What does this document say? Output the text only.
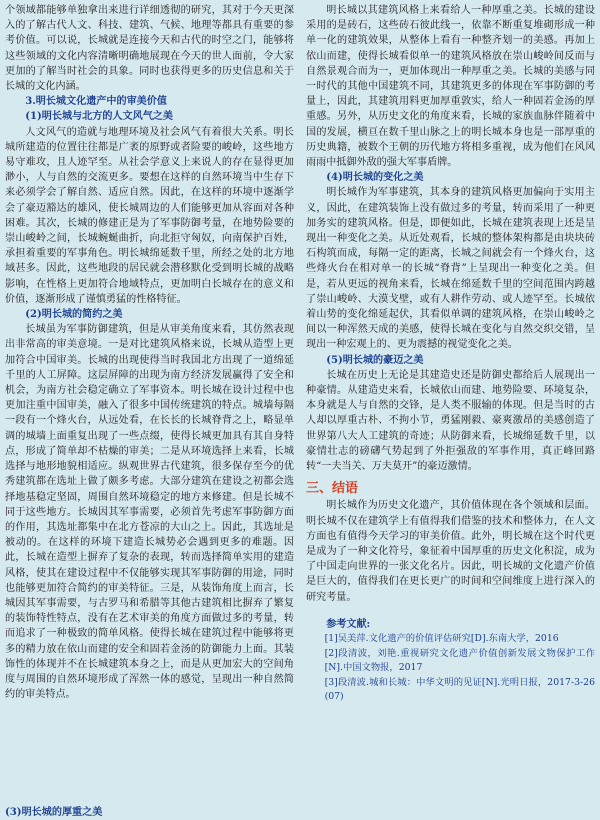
个领域都能够单独拿出来进行详细透彻的研究，其对于今天更深入的了解古代人文、科技、建筑、气候、地理等都具有重要的参考价值。可以说，长城就是连接今天和古代的时空之门，能够将这些领域的文化内容清晰明确地展现在今天的世人面前，令大家更加的了解当时社会的具象。同时也获得更多的历史信息和关于长城的文化内涵。

3.明长城文化遗产中的审美价值

(1)明长城与北方的人文风气之美

人文风气的造就与地理环境及社会风气有着很大关系。明长城所建造的位置往往都是广袤的原野或者险要的峻岭，这些地方易守难攻，且人迹罕至。从社会学意义上来说人的存在显得更加渺小，人与自然的交流更多。要想在这样的自然环境当中生存下来必须学会了解自然、适应自然。因此，在这样的环境中逐渐学会了豪迈豁达的雄风，使长城周边的人们能够更加从容面对各种困难。其次，长城的修建正是为了军事防御考量，在地势险要的崇山峻岭之间，长城蜿蜒曲折，向北拒守匈奴，向南保护百姓，承担着重要的军事角色。明长城绵延数千里，所经之处的北方地域甚多。因此，这些地段的居民就会潜移默化受到明长城的战略影响，在性格上更加符合地域特点，更加明白长城存在的意义和价值，逐渐形成了谨慎勇猛的性格特征。

(2)明长城的简约之美

长城虽为军事防御建筑，但是从审美角度来看，其仿然表现出非常高的审美意境。一是对比建筑风格来说，长城从造型上更加符合中国审美。长城的出现使得当时我国北方出现了一道绵延千里的人工屏障。这层屏障的出现为南方经济发展赢得了安全和机会，为南方社会稳定确立了军事资本。明长城在设计过程中也更加注重中国审美，融入了很多中国传统建筑的特点。城墙每隔一段有一个烽火台，从远处看，在长长的长城脊背之上，略显单调的城墙上面重复出现了一些点缀，使得长城更加具有其自身特点，形成了简单却不枯燥的审美；二是从环境选择上来看，长城选择与地形地貌相适应。纵观世界古代建筑，很多保存至今的优秀建筑都在选址上做了颇多考虑。大部分建筑在建设之初都会选择地基稳定坚固，周围自然环境稳定的地方来修建。但是长城不同于这些地方。长城因其军事需要，必须首先考虑军事防御方面的作用，其选址都集中在北方苍凉的大山之上。因此，其选址是被动的。在这样的环境下建造长城势必会遇到更多的难题。因此，长城在造型上摒弃了复杂的表现，转而选择简单实用的建造风格，使其在建设过程中不仅能够实现其军事防御的用途，同时也能够更加符合简约的审美特征。三是，从装饰角度上而言，长城因其军事需要，与古罗马和希腊等其他古建筑相比摒弃了繁复的装饰特性特点，没有在艺术审美的角度方面做过多的考量，转而追求了一种极致的简单风格。使得长城在建筑过程中能够将更多的精力放在依山而建的安全和固若金汤的防御能力上面。其装饰性的体现并不在长城建筑本身之上，而是从更加宏大的空间角度与周围的自然环境形成了浑然一体的感觉，呈现出一种自然简约的审美特点。

(3)明长城的厚重之美

明长城以其建筑风格上来看给人一种厚重之美。长城的建设采用的是砖石，这些砖石彼此线一，依靠不断重复堆砌形成一种单一化的建筑效果，从整体上看有一种整齐划一的美感。再加上依山而建，使得长城看似单一的建筑风格放在崇山峻岭间反而与自然景观合而为一，更加体现出一种厚重之美。长城的美感与同一时代的其他中国建筑不同，其建筑更多的体现在军事防御的考量上，因此，其建筑用料更加厚重敦实，给人一种固若金汤的厚重感。另外，从历史文化的角度来看，长城的家族血脉伴随着中国的发展，横亘在数千里山脉之上的明长城本身也是一部厚重的历史典籍，被数个王朝的历代地方将相多重视，成为他们在风风雨雨中抵御外敌的强大军事盾牌。

(4)明长城的变化之美

明长城作为军事建筑，其本身的建筑风格更加偏向于实用主义，因此，在建筑装饰上没有做过多的考量，转而采用了一种更加务实的建筑风格。但是，即便如此，长城在建筑表现上还是呈现出一种变化之美。从近处观看，长城的整体架构都是由块块砖石构筑而成，每隔一定的距离，长城之间就会有一个烽火台，这些烽火台在相对单一的长城“脊背”上呈现出一种变化之美。但是，若从更远的视角来看，长城在绵延数千里的空间范围内跨越了崇山峻岭、大漠戈壁，或有人耕作劳动、或人迹罕至。长城依着山势的变化绵延起伏，其看似单调的建筑风格，在崇山峻岭之间以一种浑然天成的美感，使得长城在变化与自然交织交错，呈现出一种宏观上的、更为震撼的视觉变化之美。

(5)明长城的豪迈之美

长城在历史上无论是其建造史还是防御史都给后人展现出一种豪情。从建造史来看，长城依山而建、地势险要、环境复杂，本身就是人与自然的交锋，是人类不服输的体现。但是当时的古人却以厚重古朴、不拘小节，勇猛刚毅、豪爽激昂的美感创造了世界第八大人工建筑的奇迹；从防御来看，长城绵延数千里，以豪情壮志的磅礴气势起到了外拒强敌的军事作用，真正峰回路转“一夫当关、万夫莫开”的豪迈激情。

三、结语

明长城作为历史文化遗产，其价值体现在各个领域和层面。明长城不仅在建筑学上有值得我们借鉴的技术和整体力，在人文方面也有值得今天学习的审美价值。此外，明长城在这个时代更是成为了一种文化符号，象征着中国厚重的历史文化积淀，成为了中国走向世界的一张文化名片。因此，明长城的文化遗产价值是巨大的，值得我们在更长更广的时间和空间维度上进行深入的研究考量。

参考文献:

[1]吴美萍.文化遗产的价值评估研究[D].东南大学，2016

[2]段清波，刘艳.重视研究文化遗产价值创新发展文物保护工作[N].中国文物报，2017

[3]段清波.城和长城：中华文明的见证[N].光明日报，2017-3-26(07)
